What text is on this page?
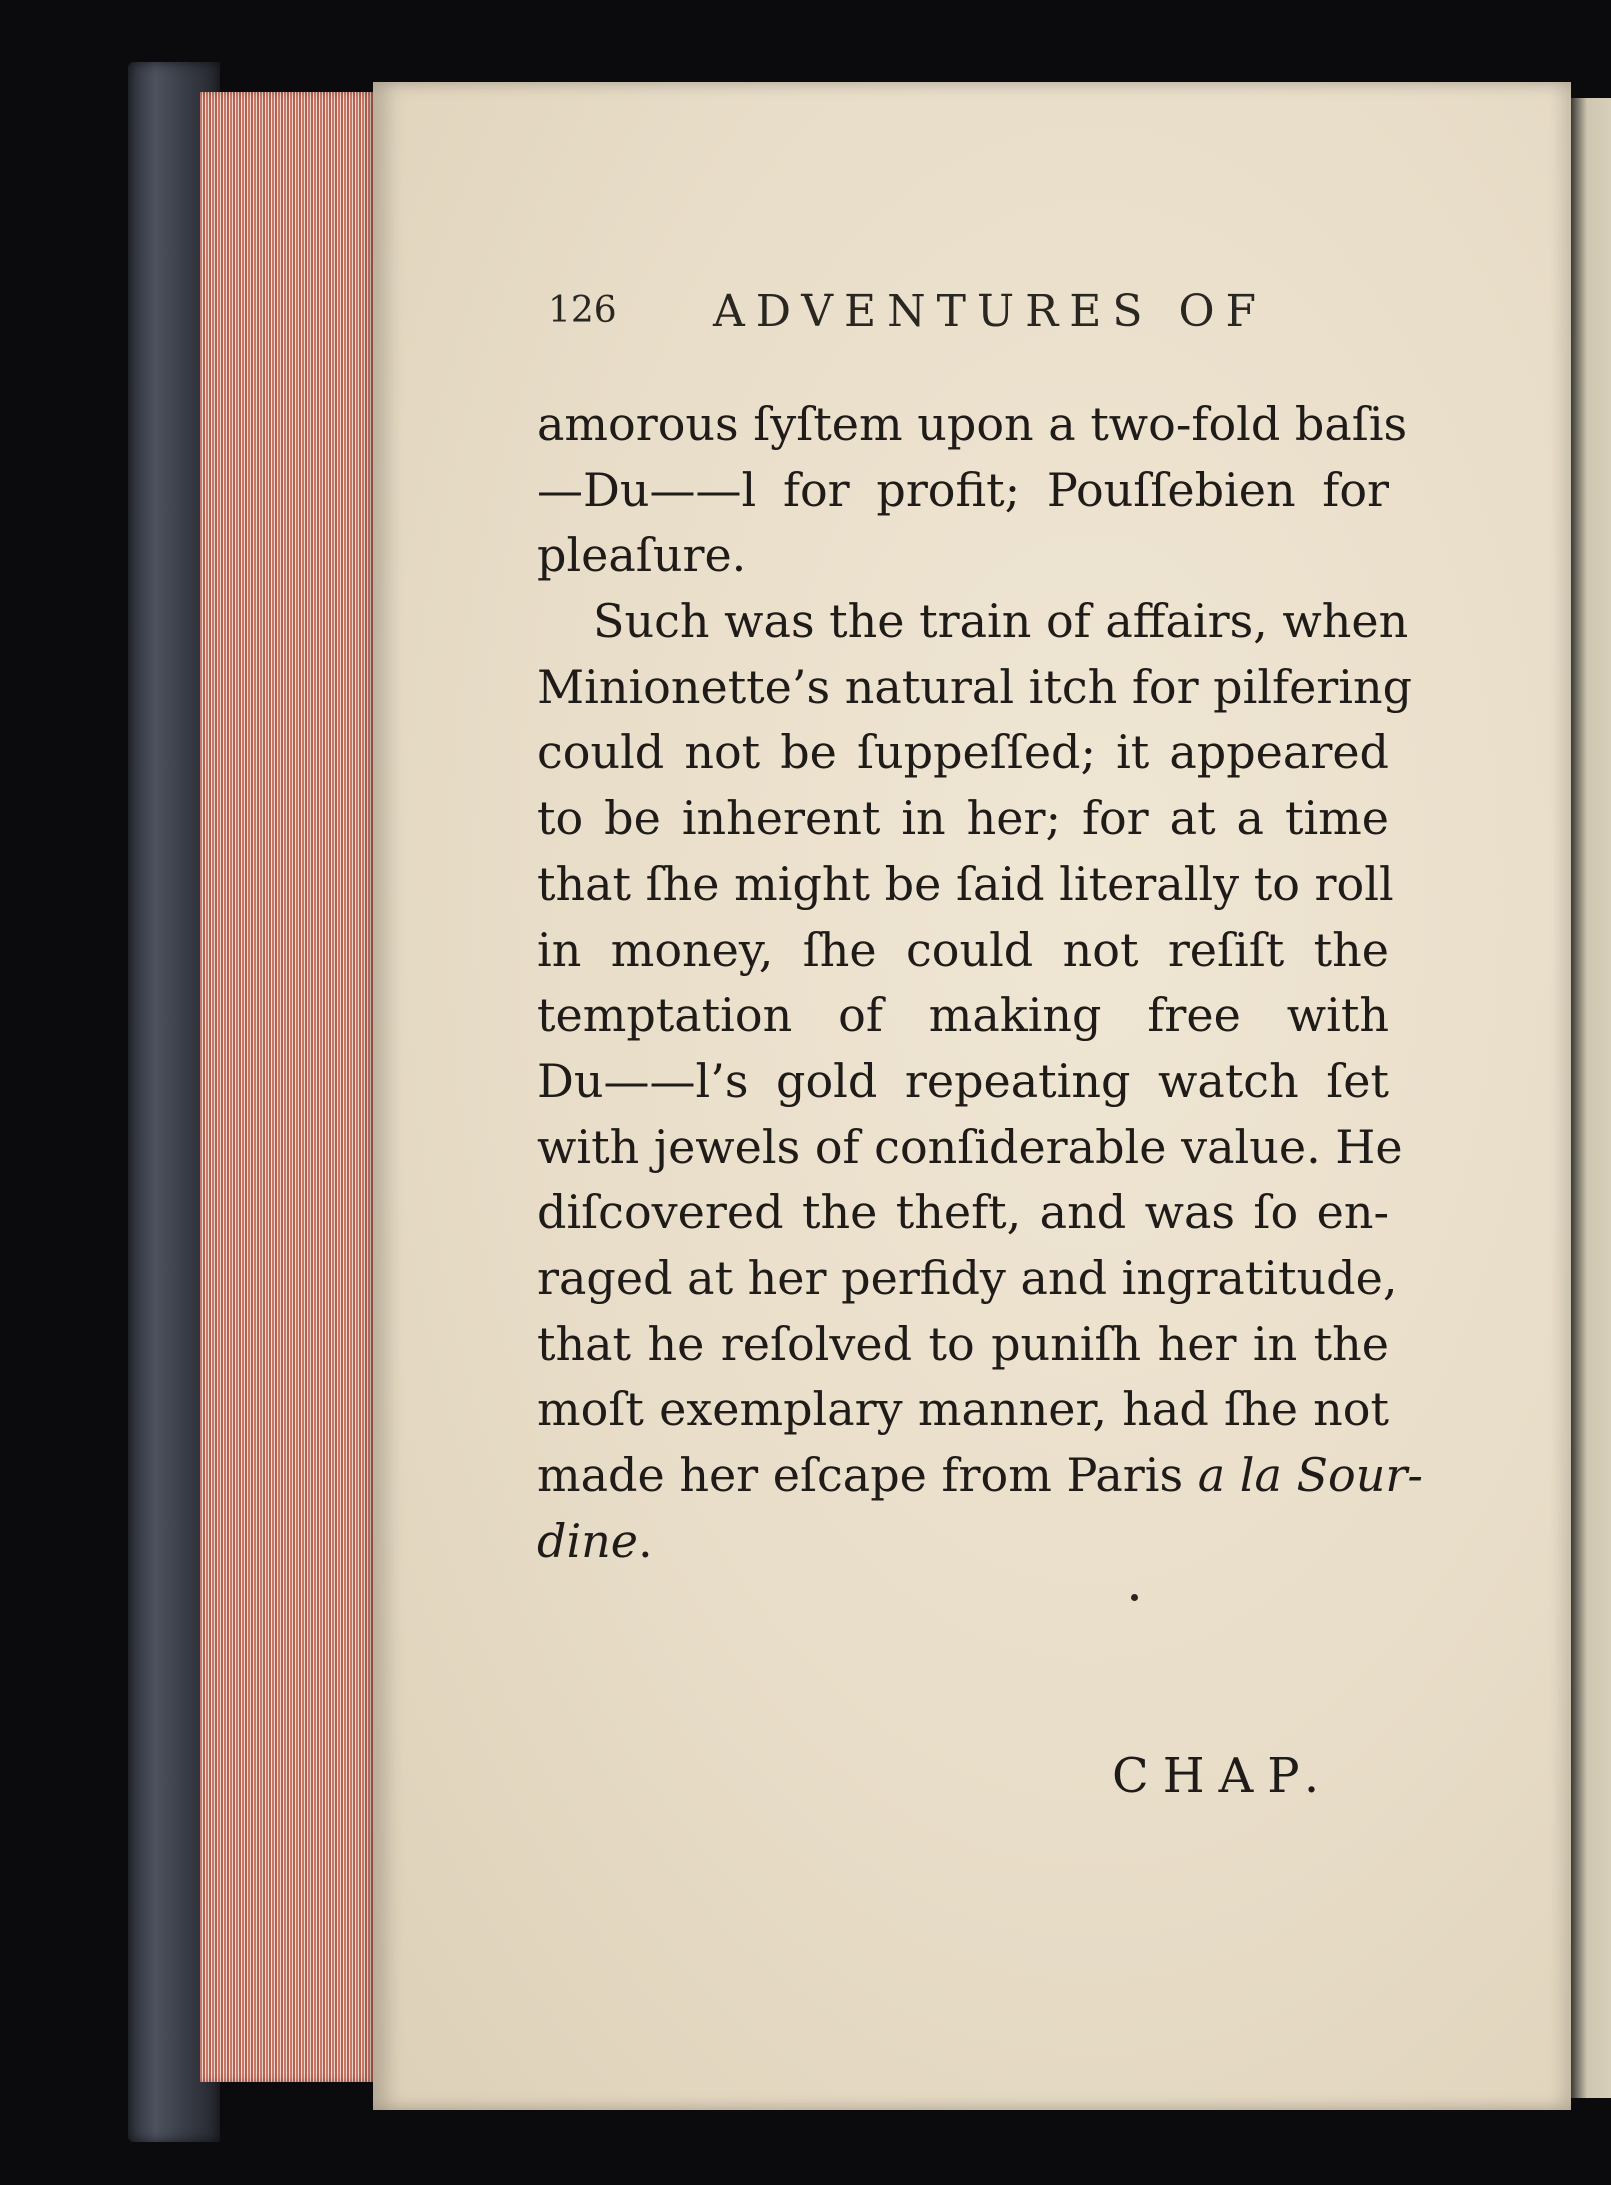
126 ADVENTURES OF
amorous ſyſtem upon a two-fold baſis
—Du——l for profit; Pouſſebien for
pleaſure.
Such was the train of affairs, when
Minionette’s natural itch for pilfering
could not be ſuppeſſed; it appeared
to be inherent in her; for at a time
that ſhe might be ſaid literally to roll
in money, ſhe could not reſiſt the
temptation of making free with
Du——l’s gold repeating watch ſet
with jewels of conſiderable value. He
diſcovered the theft, and was ſo en-
raged at her perfidy and ingratitude,
that he reſolved to puniſh her in the
moſt exemplary manner, had ſhe not
made her eſcape from Paris a la Sour-
dine.
CHAP.
